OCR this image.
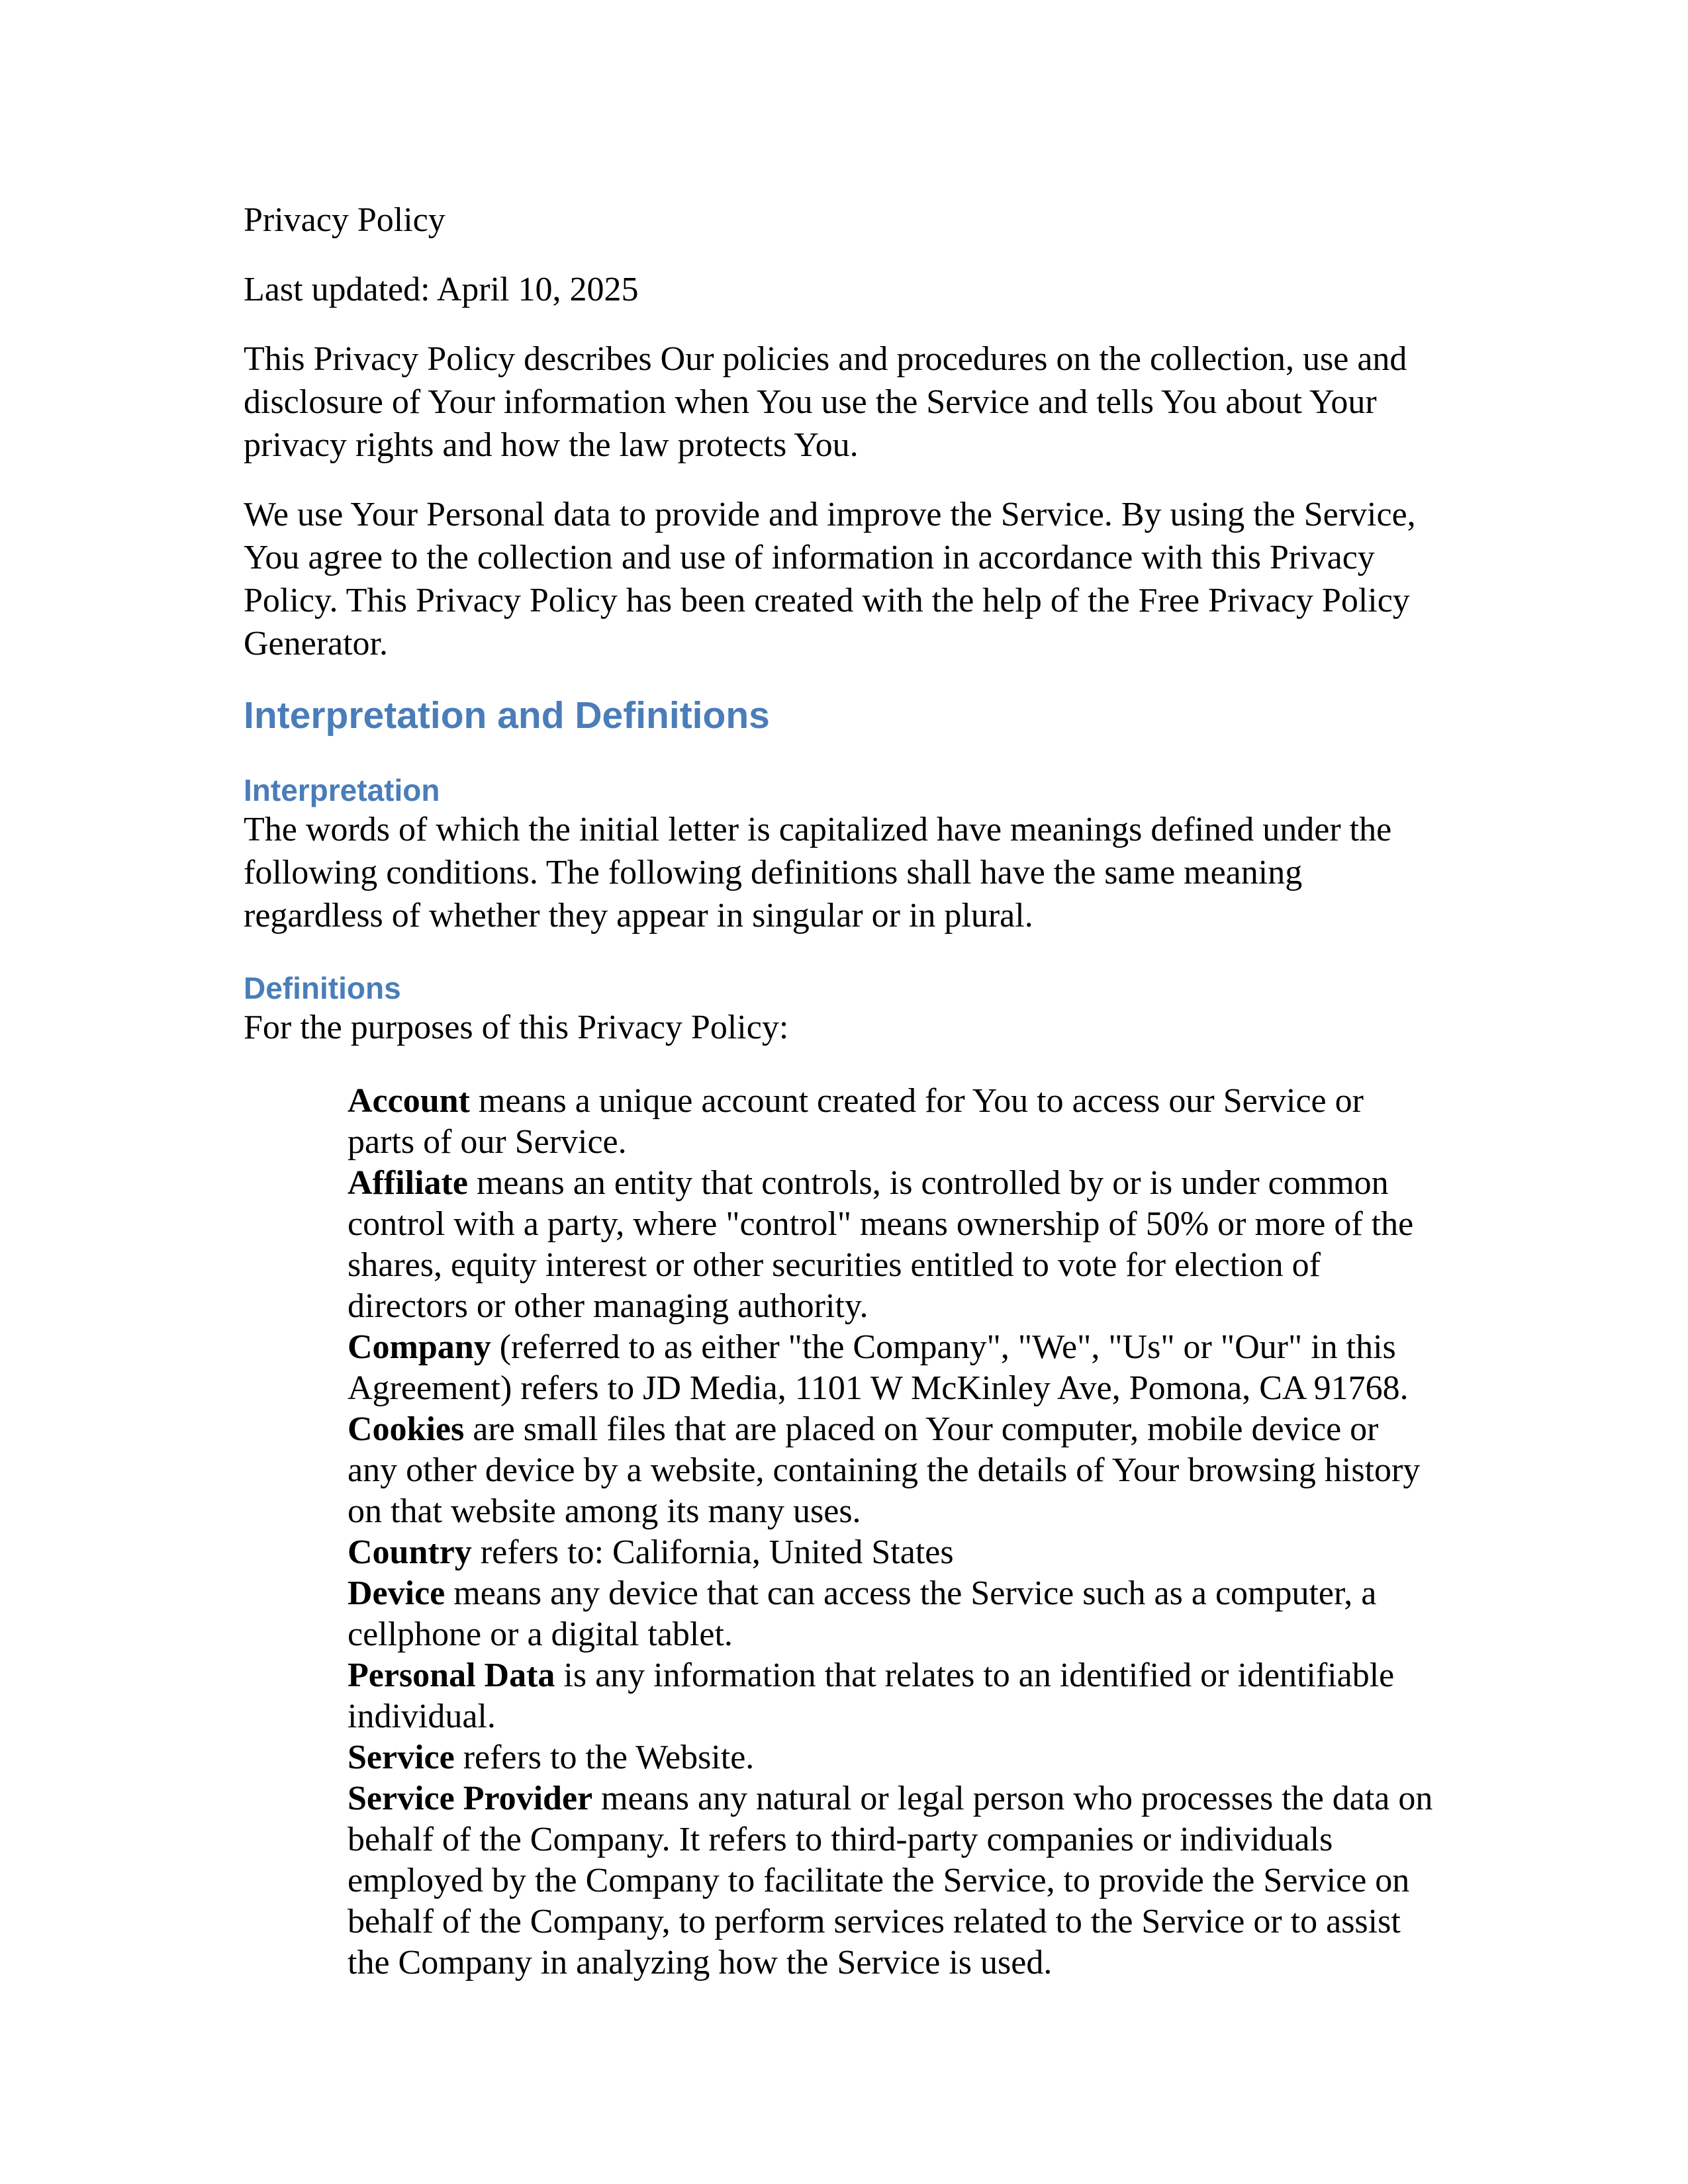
Privacy Policy

Last updated: April 10, 2025

This Privacy Policy describes Our policies and procedures on the collection, use and disclosure of Your information when You use the Service and tells You about Your privacy rights and how the law protects You.

We use Your Personal data to provide and improve the Service. By using the Service, You agree to the collection and use of information in accordance with this Privacy Policy. This Privacy Policy has been created with the help of the Free Privacy Policy Generator.

Interpretation and Definitions
Interpretation

The words of which the initial letter is capitalized have meanings defined under the following conditions. The following definitions shall have the same meaning regardless of whether they appear in singular or in plural.

Definitions

For the purposes of this Privacy Policy:

Account means a unique account created for You to access our Service or parts of our Service.

Affiliate means an entity that controls, is controlled by or is under common control with a party, where "control" means ownership of 50% or more of the shares, equity interest or other securities entitled to vote for election of directors or other managing authority.

Company (referred to as either "the Company", "We", "Us" or "Our" in this Agreement) refers to JD Media, 1101 W McKinley Ave, Pomona, CA 91768.

Cookies are small files that are placed on Your computer, mobile device or any other device by a website, containing the details of Your browsing history on that website among its many uses.

Country refers to: California, United States

Device means any device that can access the Service such as a computer, a cellphone or a digital tablet.

Personal Data is any information that relates to an identified or identifiable individual.

Service refers to the Website.

Service Provider means any natural or legal person who processes the data on behalf of the Company. It refers to third-party companies or individuals employed by the Company to facilitate the Service, to provide the Service on behalf of the Company, to perform services related to the Service or to assist the Company in analyzing how the Service is used.
